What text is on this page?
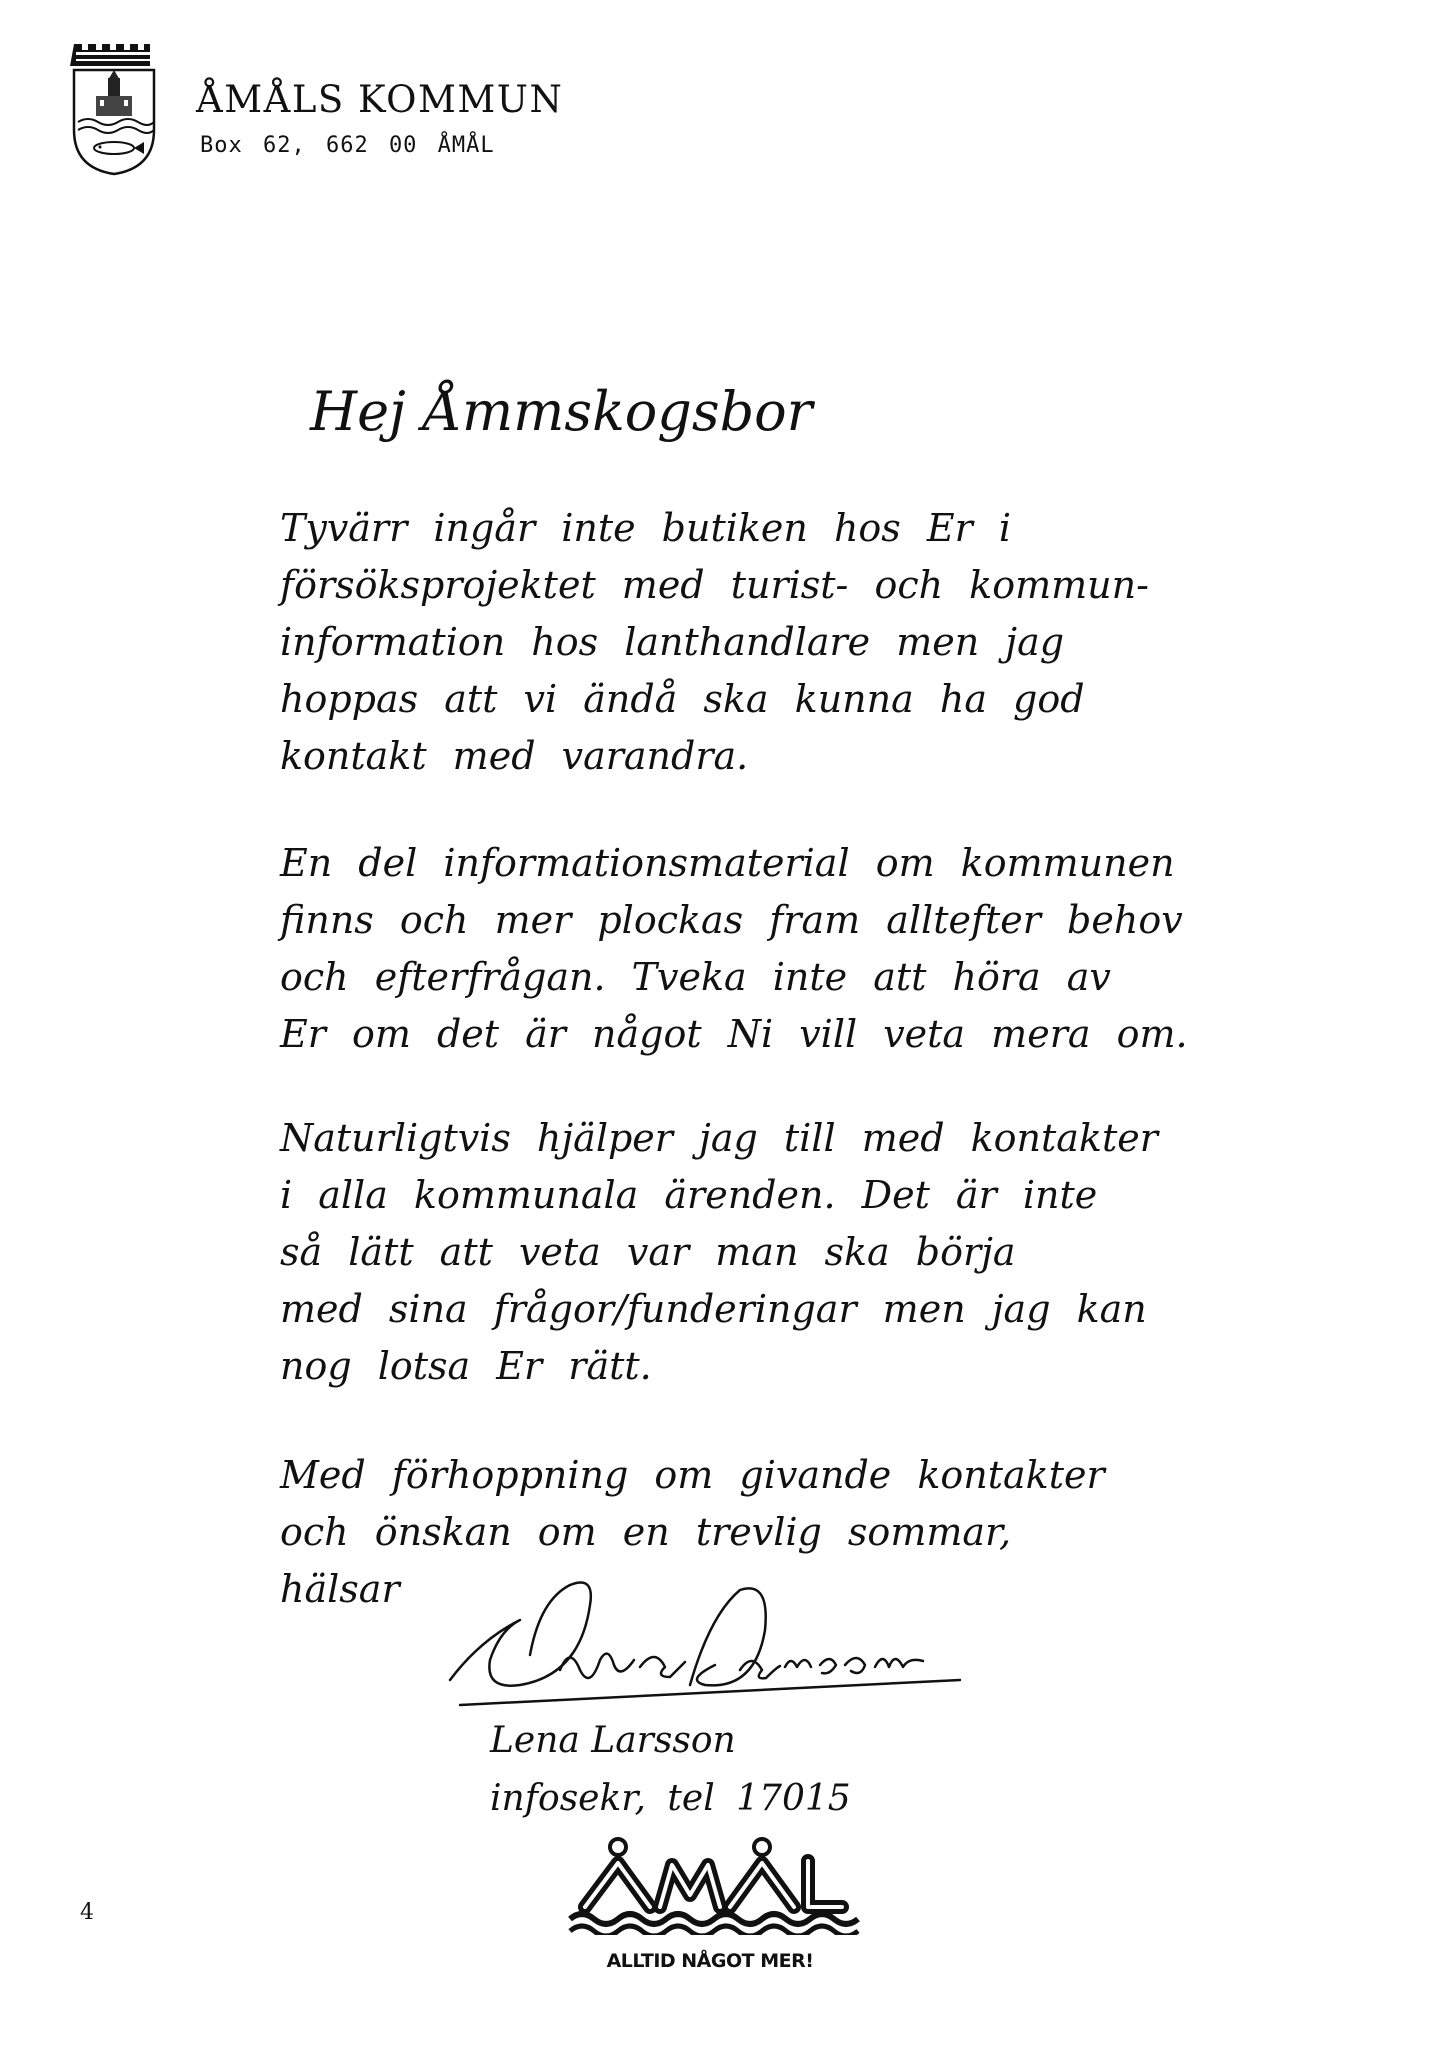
ÅMÅLS KOMMUN
Box 62, 662 00 ÅMÅL
Hej Åmmskogsbor
Tyvärr ingår inte butiken hos Er i
försöksprojektet med turist- och kommun-
information hos lanthandlare men jag
hoppas att vi ändå ska kunna ha god
kontakt med varandra.
En del informationsmaterial om kommunen
finns och mer plockas fram alltefter behov
och efterfrågan. Tveka inte att höra av
Er om det är något Ni vill veta mera om.
Naturligtvis hjälper jag till med kontakter
i alla kommunala ärenden. Det är inte
så lätt att veta var man ska börja
med sina frågor/funderingar men jag kan
nog lotsa Er rätt.
Med förhoppning om givande kontakter
och önskan om en trevlig sommar,
hälsar
Lena Larsson
infosekr, tel 17015
4
ALLTID NÅGOT MER!
